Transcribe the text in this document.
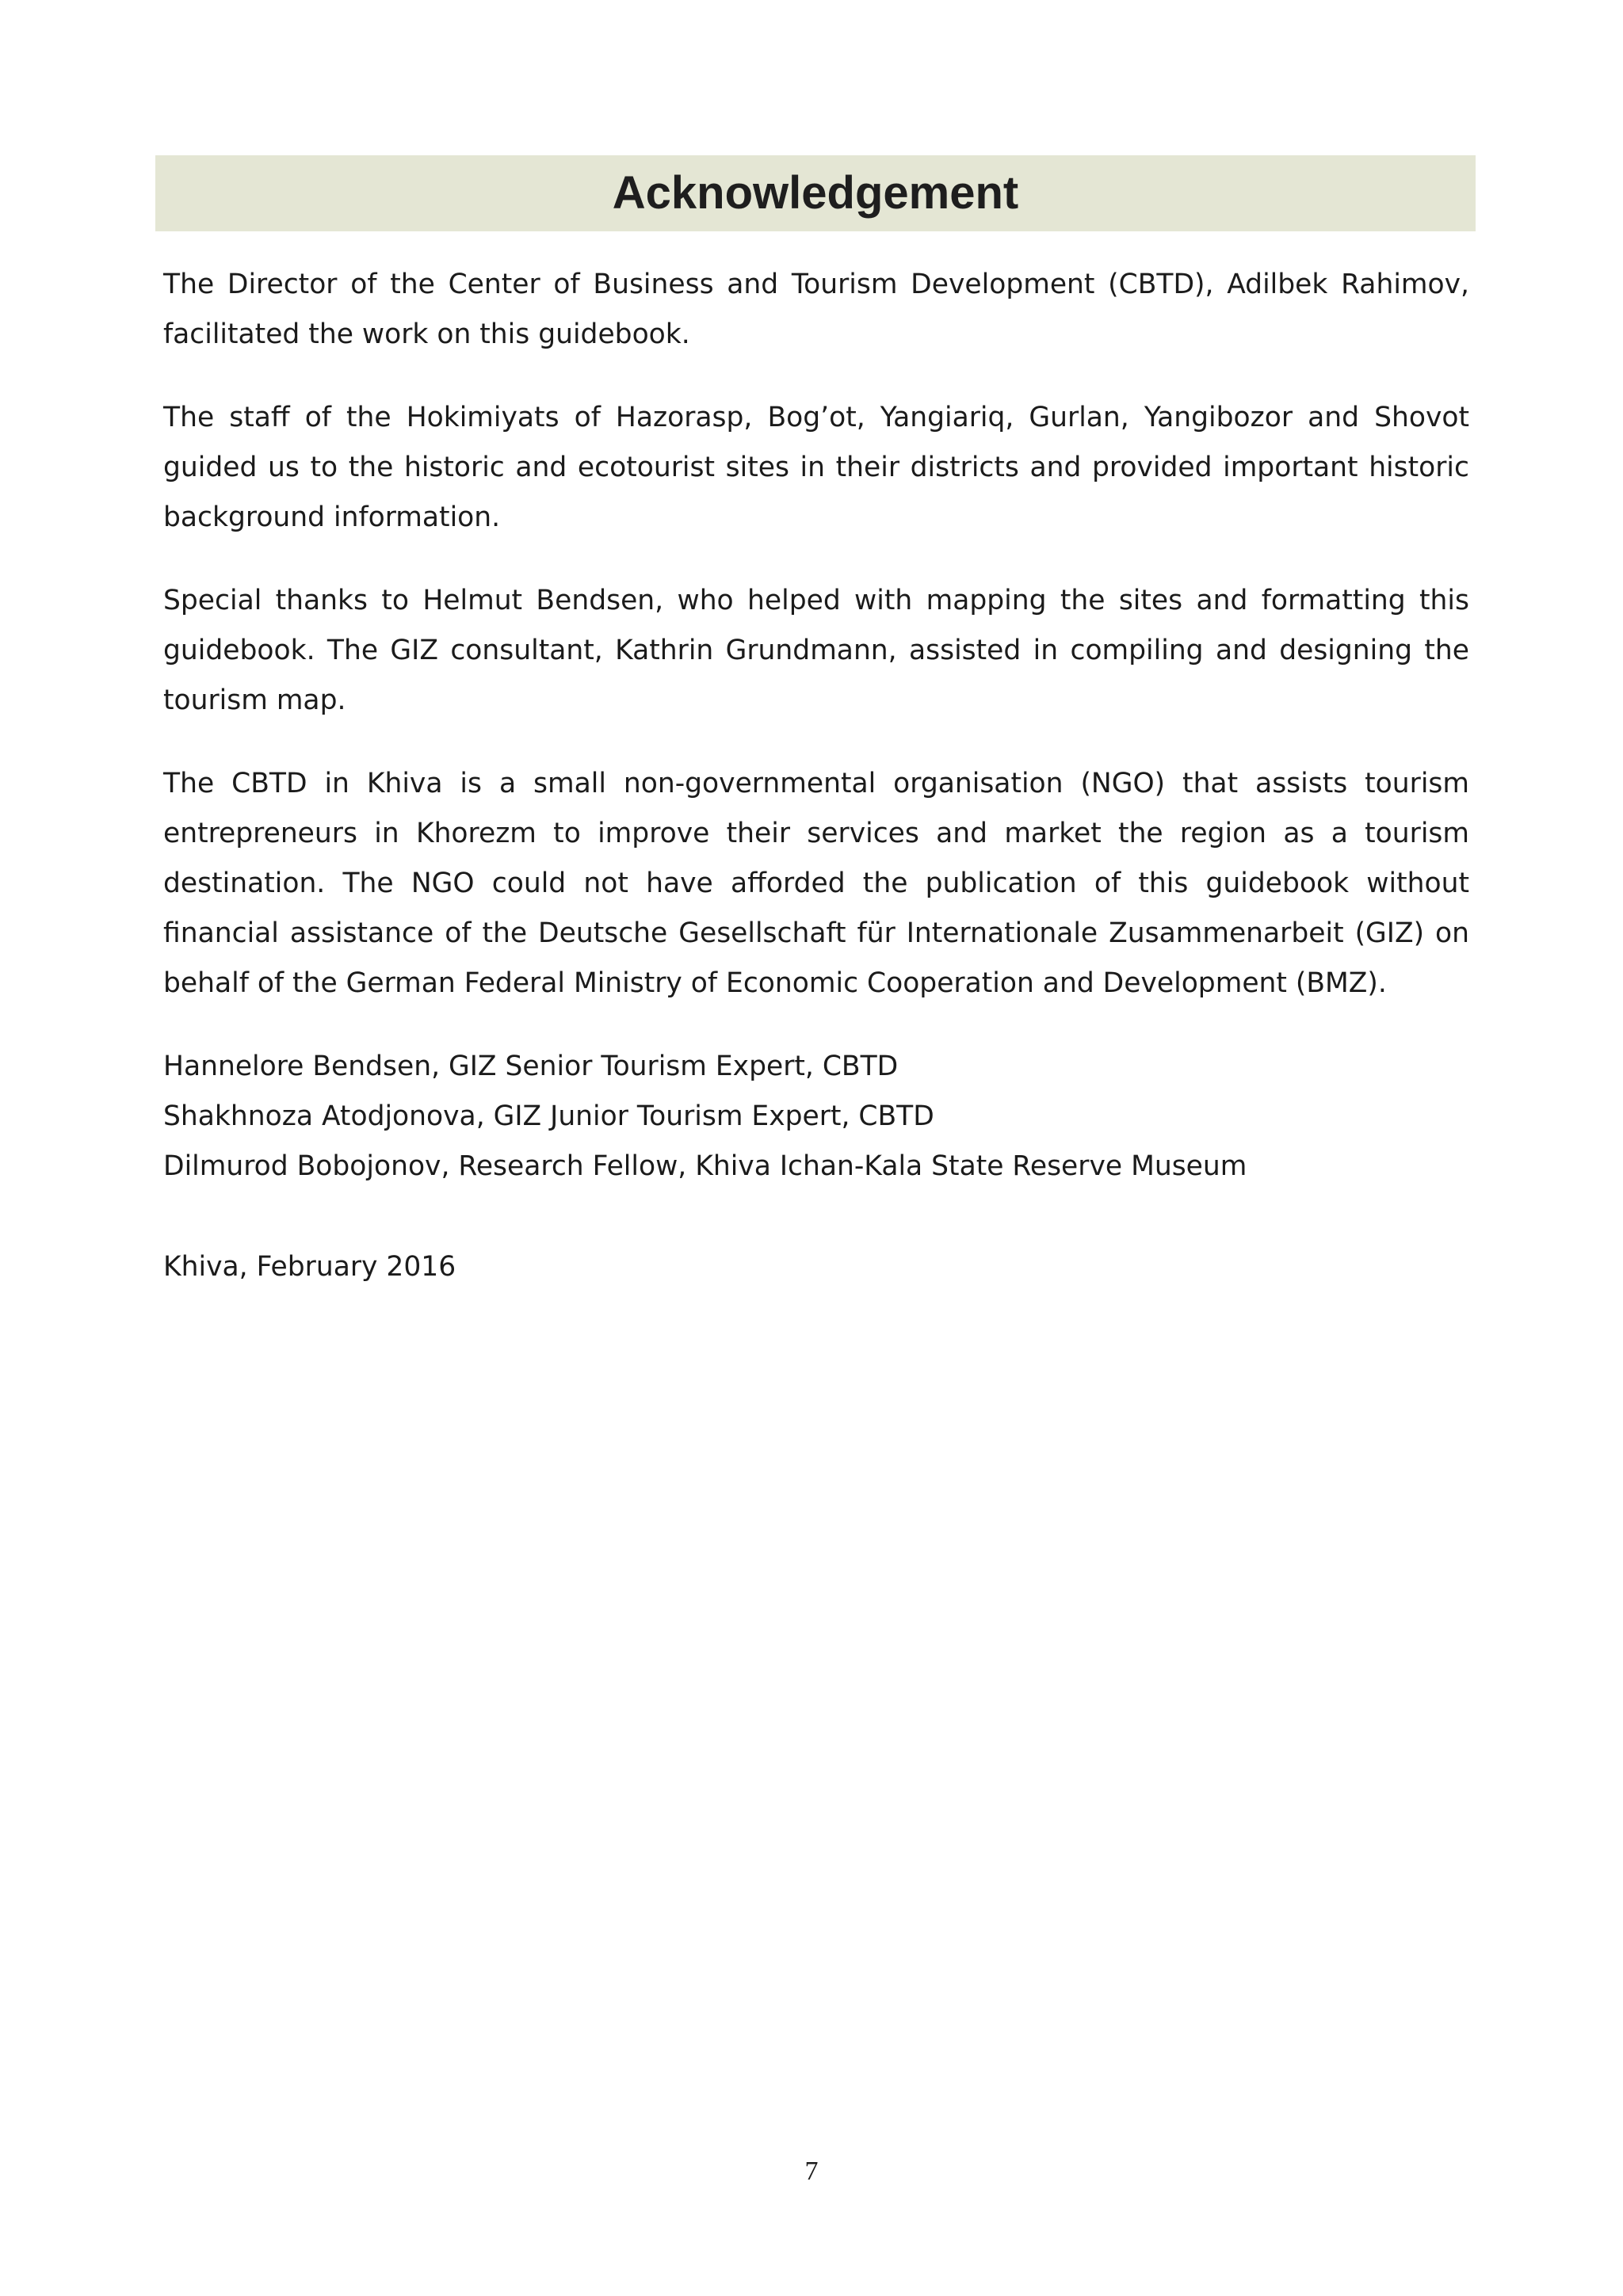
Acknowledgement

The Director of the Center of Business and Tourism Development (CBTD), Adilbek Rahimov, facilitated the work on this guidebook.

The staff of the Hokimiyats of Hazorasp, Bog’ot, Yangiariq, Gurlan, Yangibozor and Shovot guided us to the historic and ecotourist sites in their districts and provided important historic background information.

Special thanks to Helmut Bendsen, who helped with mapping the sites and formatting this guidebook. The GIZ consultant, Kathrin Grundmann, assisted in compiling and designing the tourism map.

The CBTD in Khiva is a small non-governmental organisation (NGO) that assists tourism entrepreneurs in Khorezm to improve their services and market the region as a tourism destination. The NGO could not have afforded the publication of this guidebook without financial assistance of the Deutsche Gesellschaft für Internationale Zusammenarbeit (GIZ) on behalf of the German Federal Ministry of Economic Cooperation and Development (BMZ).

Hannelore Bendsen, GIZ Senior Tourism Expert, CBTD
Shakhnoza Atodjonova, GIZ Junior Tourism Expert, CBTD
Dilmurod Bobojonov, Research Fellow, Khiva Ichan-Kala State Reserve Museum

Khiva, February 2016

7
